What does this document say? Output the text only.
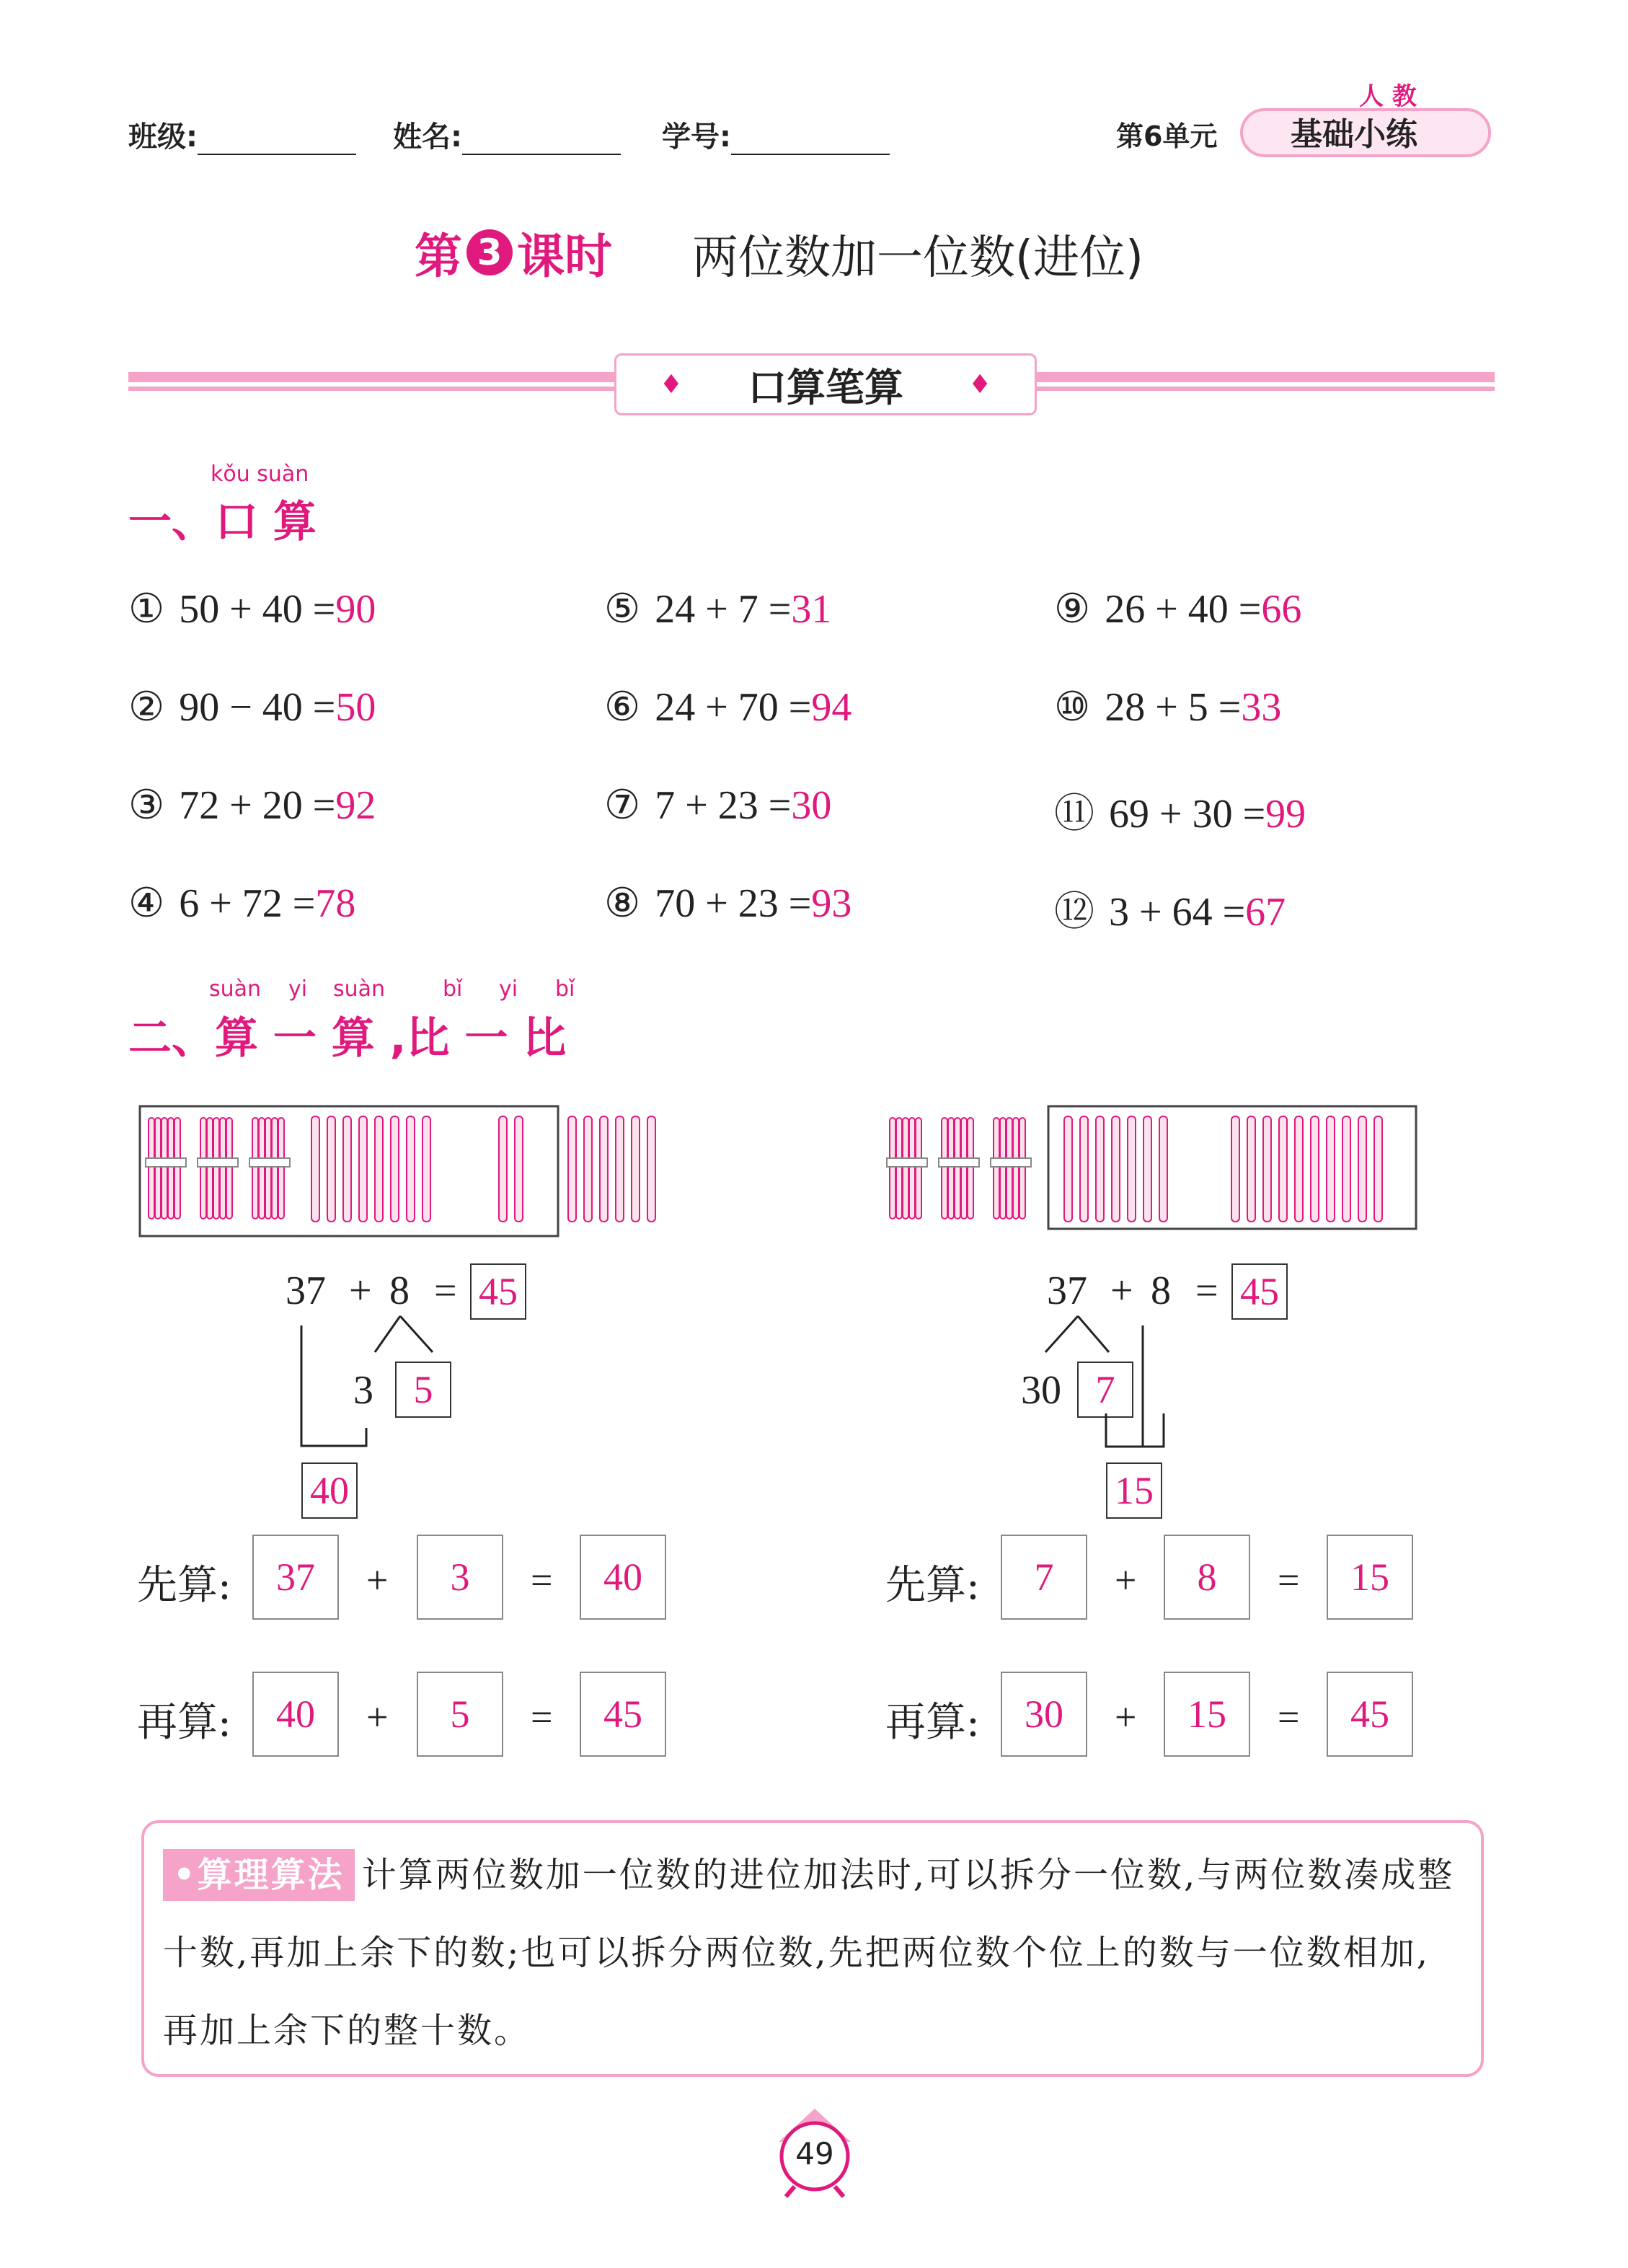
班级:	姓名:	学号:	第6单元
人 教
基础小练
第 3 课时 两位数加一位数(进位)
♦ 口算笔算	♦
kǒu suàn
一、口 算
① 50 + 40 =90
② 90 − 40 =50
③ 72 + 20 =92
④ 6 + 72 =78
⑤ 24 + 7 =31
⑥ 24 + 70 =94
⑦ 7 + 23 =30
⑧ 70 + 23 =93
⑨ 26 + 40 =66
⑩ 28 + 5 =33
⑪ 69 + 30 =99
⑫ 3 + 64 =67
suàn yi suàn	bǐ yi bǐ
二、算 一 算 ,比 一 比
37 + 8 = 45
3	5
40
37 + 8 = 45
30 7
15
先算:	37	+	3	=	40
再算:	40	+	5	=	45
先算:	7	+	8	=	15
再算:	30	+	15	=	45
•算理算法 计算两位数加一位数的进位加法时,可以拆分一位数,与两位数凑成整十数,再加上余下的数;也可以拆分两位数,先把两位数个位上的数与一位数相加,再加上余下的整十数。
49
